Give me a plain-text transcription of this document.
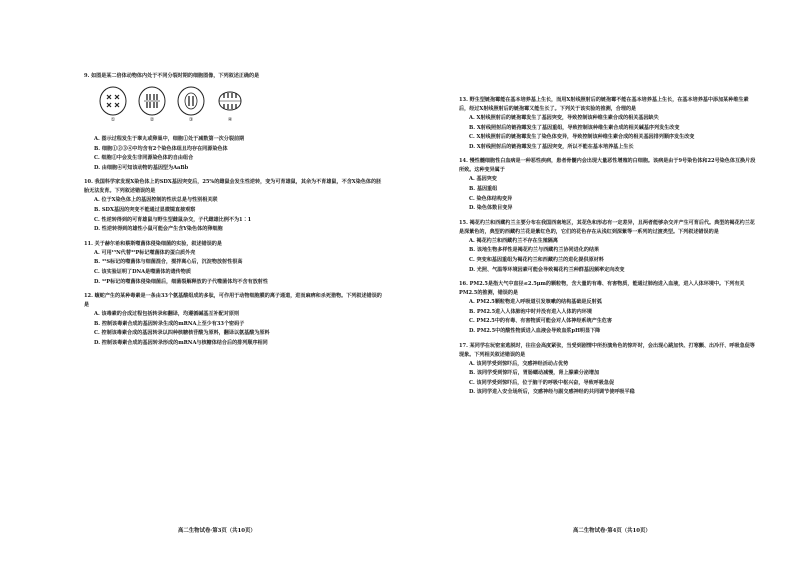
9. 如图是某二倍体动物体内处于不同分裂时期的细胞图像，下列叙述正确的是

①	②	③	④

A. 图示过程发生于睾丸或卵巢中，细胞①处于减数第一次分裂前期

B. 细胞①②③④中均含有2个染色体组且均存在同源染色体

C. 细胞②中会发生非同源染色体的自由组合

D. 由细胞④可知该动物的基因型为AaBb

10. 我国科学家发现X染色体上的SDX基因突变后，25%的雌鼠会发生性逆转，变为可育雄鼠，其余为不育雄鼠，不含X染色体的胚胎无法发育。下列叙述错误的是

A. 位于X染色体上的基因控制的性状总是与性别相关联

B. SDX基因的突变不能通过显微镜直接观察

C. 性逆转得到的可育雄鼠与野生型雌鼠杂交，子代雌雄比例不为1∶1

D. 性逆转得到的雄性小鼠可能会产生含Y染色体的卵细胞

11. 关于赫尔希和蔡斯噬菌体侵染细菌的实验，叙述错误的是

A. 可用¹⁵N代替³²P标记噬菌体的蛋白质外壳

B. ³⁵S标记的噬菌体与细菌混合，搅拌离心后，沉淀物放射性很高

C. 该实验证明了DNA是噬菌体的遗传物质

D. ³²P标记的噬菌体侵染细菌后，细菌裂解释放的子代噬菌体均不含有放射性

12. 蝮蛇产生的某种毒素是一条由33个氨基酸组成的多肽，可作用于动物细胞膜的离子通道，进而麻痹和杀死猎物。下列叙述错误的是

A. 该毒素的合成过程包括转录和翻译，均遵循碱基互补配对原则

B. 控制该毒素合成的基因转录生成的mRNA上至少有33个密码子

C. 控制该毒素合成的基因转录以四种核糖核苷酸为原料，翻译以氨基酸为原料

D. 控制该毒素合成的基因转录形成的mRNA与核糖体结合后的排列顺序相同

高二生物试卷·第3页（共10页）

13. 野生型链孢霉能在基本培养基上生长，而用X射线照射后的链孢霉不能在基本培养基上生长，在基本培养基中添加某种维生素后，经过X射线照射后的链孢霉又能生长了。下列关于该实验的推测，合理的是

A. X射线照射后的链孢霉发生了基因突变，导致控制该种维生素合成的相关基因缺失

B. X射线照射后的链孢霉发生了基因重组，导致控制该种维生素合成的相关碱基序列发生改变

C. X射线照射后的链孢霉发生了染色体变异，导致控制该种维生素合成的相关基因排列顺序发生改变

D. X射线照射后的链孢霉发生了基因突变，所以不能在基本培养基上生长

14. 慢性髓细胞性白血病是一种恶性疾病，患者骨髓内会出现大量恶性增殖的白细胞。该病是由于9号染色体和22号染色体互换片段所致。这种变异属于

A. 基因突变

B. 基因重组

C. 染色体结构变异

D. 染色体数目变异

15. 褐花杓兰和西藏杓兰主要分布在我国西南地区，其花色和形态有一定差异，且两者能够杂交并产生可育后代。典型的褐花杓兰花是深紫色的，典型的西藏杓兰花是紫红色的，它们的花色存在从浅红到深紫等一系列的过渡类型。下列叙述错误的是

A. 褐花杓兰和西藏杓兰不存在生殖隔离

B. 该地生物多样性是褐花杓兰与西藏杓兰协同进化的结果

C. 突变和基因重组为褐花杓兰和西藏杓兰的进化提供原材料

D. 光照、气温等环境因素可能会导致褐花杓兰种群基因频率定向改变

16. PM2.5是指大气中直径≤2.5μm的颗粒物，含大量的有毒、有害物质，能通过肺泡进入血液，进入人体环境中。下列有关PM2.5的推测，错误的是

A. PM2.5颗粒物进入呼吸道引发咳嗽的结构基础是反射弧

B. PM2.5进入人体肺泡中时并没有进入人体的内环境

C. PM2.5中的有毒、有害物质可能会对人体神经系统产生危害

D. PM2.5中的酸性物质进入血液会导致血浆pH明显下降

17. 某同学在玩密室逃脱时，往往会高度紧张，当受到剧情中所扮演角色的惊吓时，会出现心跳加快、打寒颤、出冷汗、呼吸急促等现象。下列相关叙述错误的是

A. 该同学受到惊吓后，交感神经活动占优势

B. 该同学受到惊吓后，胃肠蠕动减慢，肾上腺素分泌增加

C. 该同学受到惊吓后，位于脑干的呼吸中枢兴奋，导致呼吸急促

D. 该同学进入安全场所后，交感神经与副交感神经的共同调节使呼吸平稳

高二生物试卷·第4页（共10页）
